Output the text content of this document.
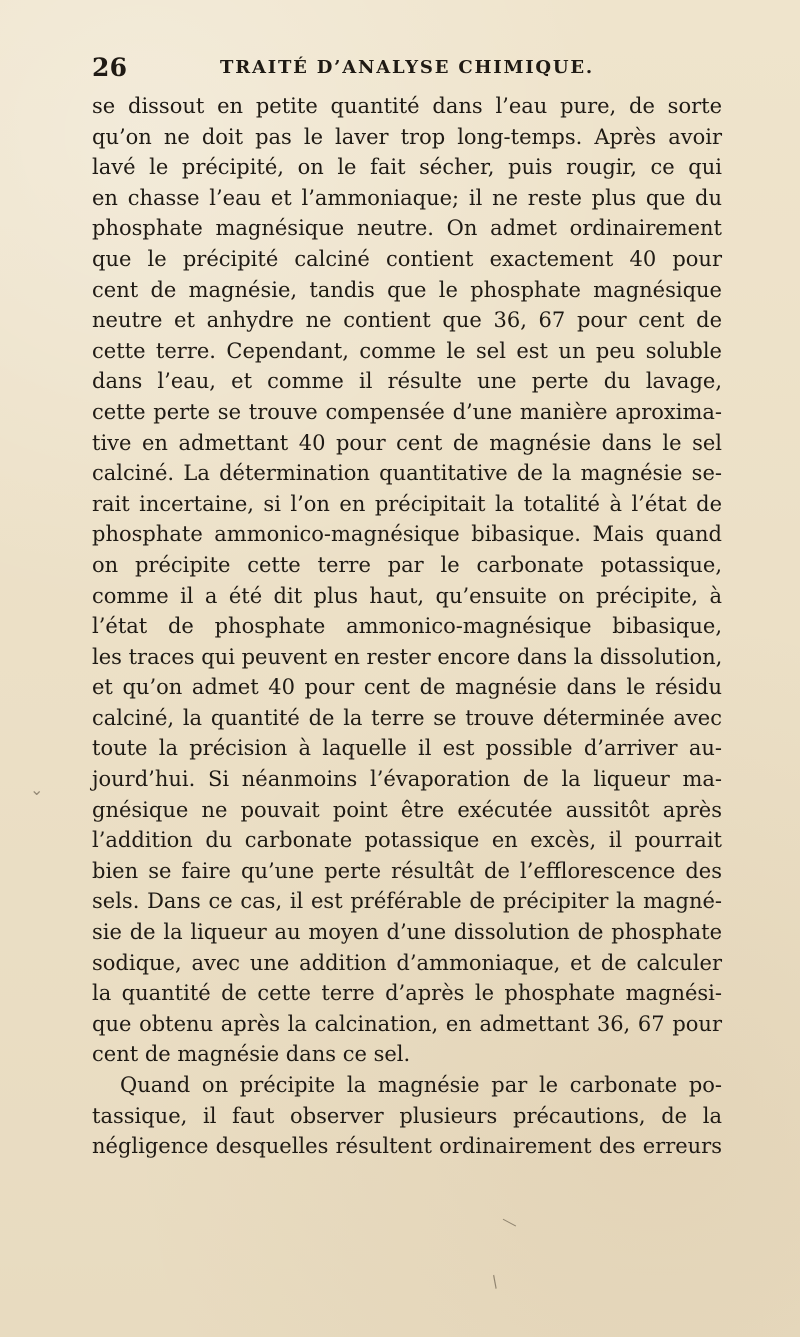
26	TRAITÉ D’ANALYSE CHIMIQUE.
se dissout en petite quantité dans l’eau pure, de sorte
qu’on ne doit pas le laver trop long-temps. Après avoir
lavé le précipité, on le fait sécher, puis rougir, ce qui
en chasse l’eau et l’ammoniaque; il ne reste plus que du
phosphate magnésique neutre. On admet ordinairement
que le précipité calciné contient exactement 40 pour
cent de magnésie, tandis que le phosphate magnésique
neutre et anhydre ne contient que 36, 67 pour cent de
cette terre. Cependant, comme le sel est un peu soluble
dans l’eau, et comme il résulte une perte du lavage,
cette perte se trouve compensée d’une manière aproxima-
tive en admettant 40 pour cent de magnésie dans le sel
calciné. La détermination quantitative de la magnésie se-
rait incertaine, si l’on en précipitait la totalité à l’état de
phosphate ammonico-magnésique bibasique. Mais quand
on précipite cette terre par le carbonate potassique,
comme il a été dit plus haut, qu’ensuite on précipite, à
l’état de phosphate ammonico-magnésique bibasique,
les traces qui peuvent en rester encore dans la dissolution,
et qu’on admet 40 pour cent de magnésie dans le résidu
calciné, la quantité de la terre se trouve déterminée avec
toute la précision à laquelle il est possible d’arriver au-
jourd’hui. Si néanmoins l’évaporation de la liqueur ma-
gnésique ne pouvait point être exécutée aussitôt après
l’addition du carbonate potassique en excès, il pourrait
bien se faire qu’une perte résultât de l’efflorescence des
sels. Dans ce cas, il est préférable de précipiter la magné-
sie de la liqueur au moyen d’une dissolution de phosphate
sodique, avec une addition d’ammoniaque, et de calculer
la quantité de cette terre d’après le phosphate magnési-
que obtenu après la calcination, en admettant 36, 67 pour
cent de magnésie dans ce sel.
Quand on précipite la magnésie par le carbonate po-
tassique, il faut observer plusieurs précautions, de la
négligence desquelles résultent ordinairement des erreurs
⌄
—
/
